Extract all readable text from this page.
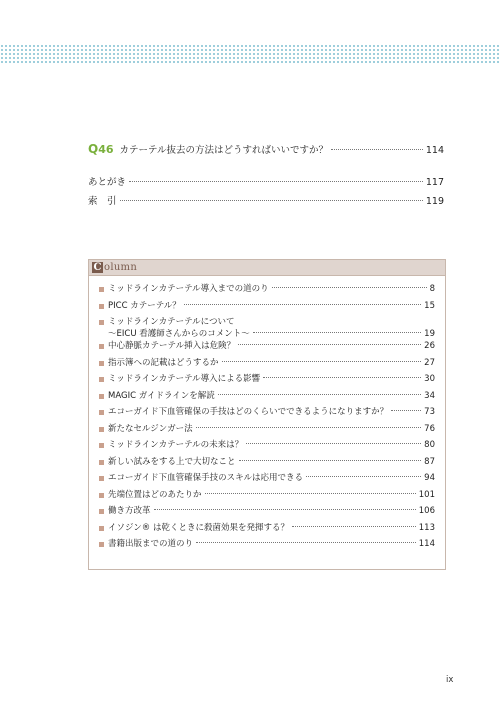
Q46 カテーテル抜去の方法はどうすればいいですか？	114
あとがき	117
索　引	119
C olumn
ミッドラインカテーテル導入までの道のり	8
PICC カテーテル？	15
ミッドラインカテーテルについて
〜EICU 看護師さんからのコメント〜	19
中心静脈カテーテル挿入は危険？	26
指示簿への記載はどうするか	27
ミッドラインカテーテル導入による影響	30
MAGIC ガイドラインを解読	34
エコーガイド下血管確保の手技はどのくらいでできるようになりますか？	73
新たなセルジンガー法	76
ミッドラインカテーテルの未来は？	80
新しい試みをする上で大切なこと	87
エコーガイド下血管確保手技のスキルは応用できる	94
先端位置はどのあたりか	101
働き方改革	106
イソジン® は乾くときに殺菌効果を発揮する？	113
書籍出版までの道のり	114
ix
